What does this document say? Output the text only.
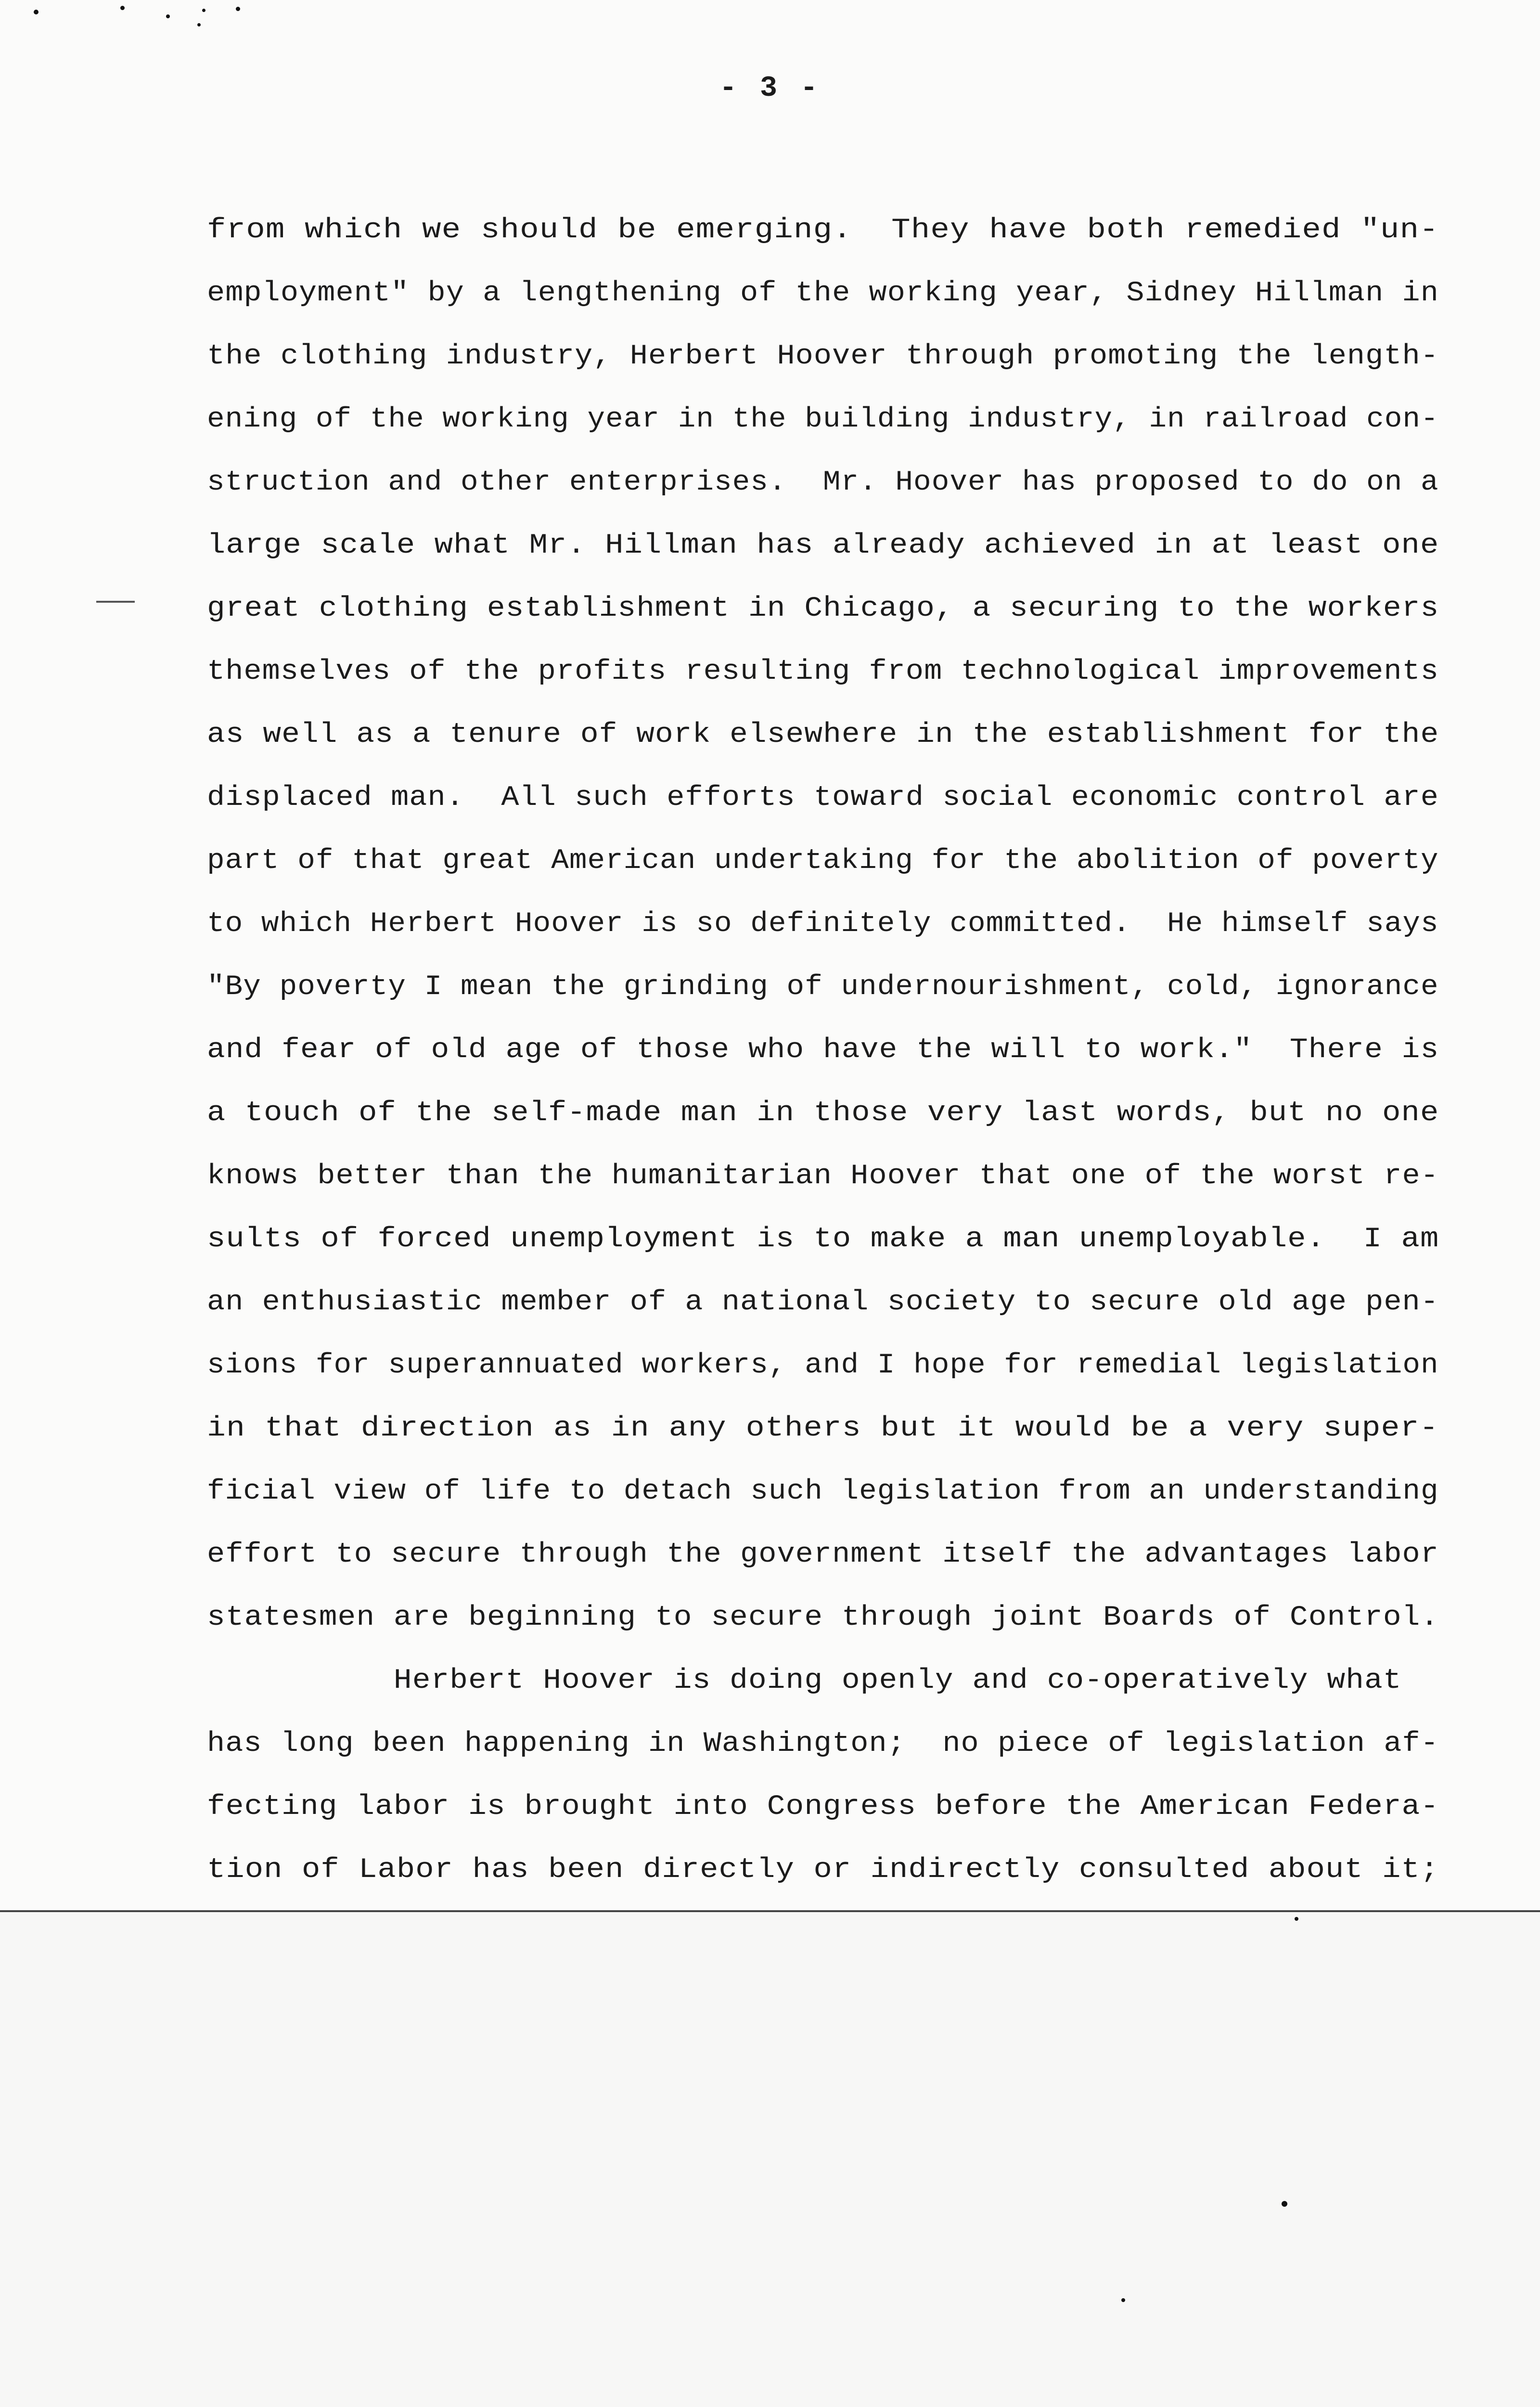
- 3 -
from which we should be emerging.  They have both remedied "un-
employment" by a lengthening of the working year, Sidney Hillman in
the clothing industry, Herbert Hoover through promoting the length-
ening of the working year in the building industry, in railroad con-
struction and other enterprises.  Mr. Hoover has proposed to do on a
large scale what Mr. Hillman has already achieved in at least one
great clothing establishment in Chicago, a securing to the workers
themselves of the profits resulting from technological improvements
as well as a tenure of work elsewhere in the establishment for the
displaced man.  All such efforts toward social economic control are
part of that great American undertaking for the abolition of poverty
to which Herbert Hoover is so definitely committed.  He himself says
"By poverty I mean the grinding of undernourishment, cold, ignorance
and fear of old age of those who have the will to work."  There is
a touch of the self-made man in those very last words, but no one
knows better than the humanitarian Hoover that one of the worst re-
sults of forced unemployment is to make a man unemployable.  I am
an enthusiastic member of a national society to secure old age pen-
sions for superannuated workers, and I hope for remedial legislation
in that direction as in any others but it would be a very super-
ficial view of life to detach such legislation from an understanding
effort to secure through the government itself the advantages labor
statesmen are beginning to secure through joint Boards of Control.
Herbert Hoover is doing openly and co-operatively what
has long been happening in Washington;  no piece of legislation af-
fecting labor is brought into Congress before the American Federa-
tion of Labor has been directly or indirectly consulted about it;
